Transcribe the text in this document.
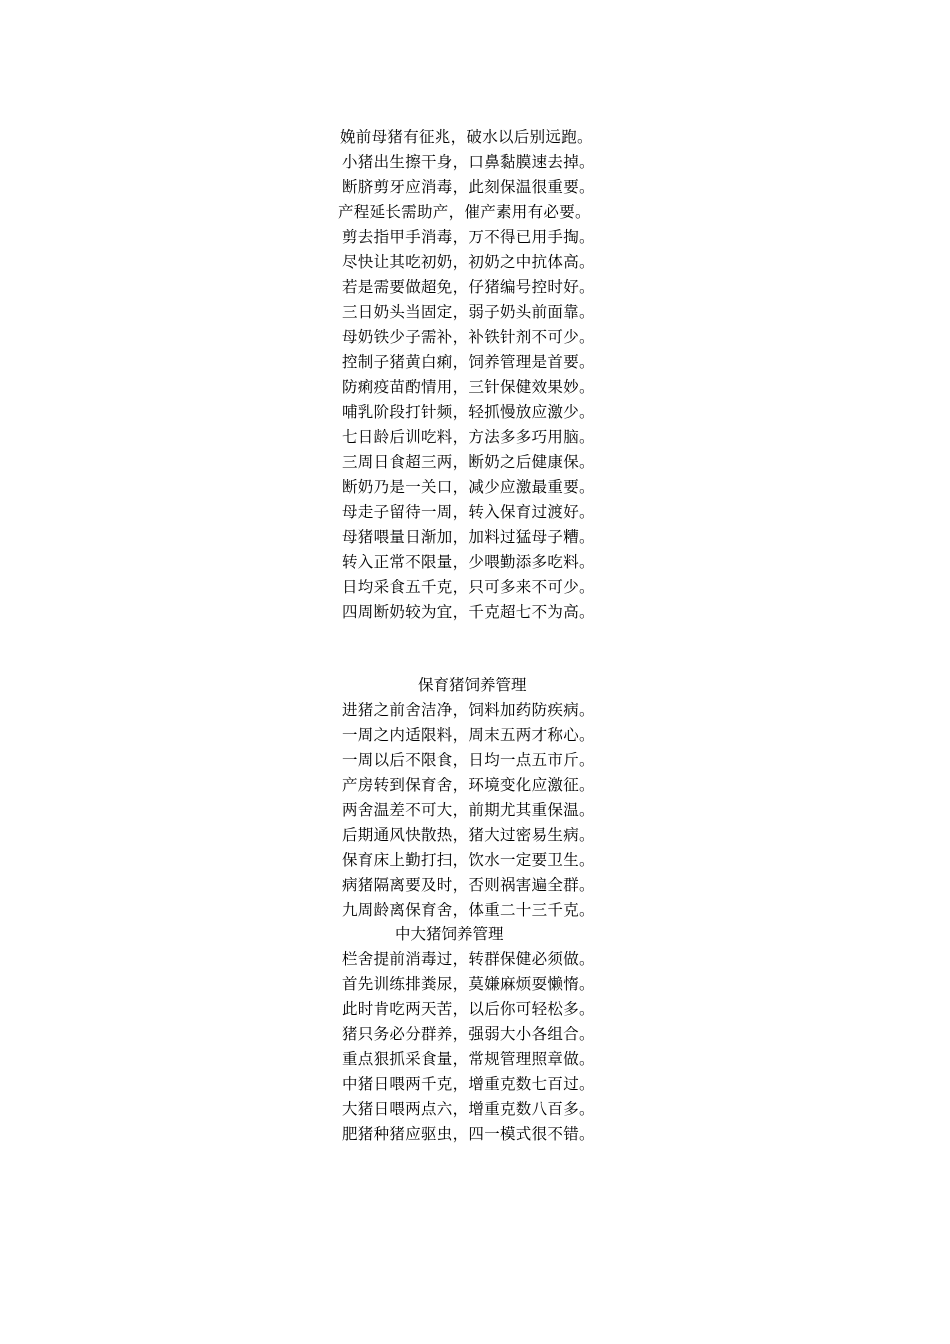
娩前母猪有征兆，破水以后别远跑。
小猪出生擦干身，口鼻黏膜速去掉。
断脐剪牙应消毒，此刻保温很重要。
产程延长需助产，催产素用有必要。
剪去指甲手消毒，万不得已用手掏。
尽快让其吃初奶，初奶之中抗体高。
若是需要做超免，仔猪编号控时好。
三日奶头当固定，弱子奶头前面靠。
母奶铁少子需补，补铁针剂不可少。
控制子猪黄白痢，饲养管理是首要。
防痢疫苗酌情用，三针保健效果妙。
哺乳阶段打针频，轻抓慢放应激少。
七日龄后训吃料，方法多多巧用脑。
三周日食超三两，断奶之后健康保。
断奶乃是一关口，减少应激最重要。
母走子留待一周，转入保育过渡好。
母猪喂量日渐加，加料过猛母子糟。
转入正常不限量，少喂勤添多吃料。
日均采食五千克，只可多来不可少。
四周断奶较为宜，千克超七不为高。
保育猪饲养管理
进猪之前舍洁净，饲料加药防疾病。
一周之内适限料，周末五两才称心。
一周以后不限食，日均一点五市斤。
产房转到保育舍，环境变化应激征。
两舍温差不可大，前期尤其重保温。
后期通风快散热，猪大过密易生病。
保育床上勤打扫，饮水一定要卫生。
病猪隔离要及时，否则祸害遍全群。
九周龄离保育舍，体重二十三千克。
中大猪饲养管理
栏舍提前消毒过，转群保健必须做。
首先训练排粪尿，莫嫌麻烦耍懒惰。
此时肯吃两天苦，以后你可轻松多。
猪只务必分群养，强弱大小各组合。
重点狠抓采食量，常规管理照章做。
中猪日喂两千克，增重克数七百过。
大猪日喂两点六，增重克数八百多。
肥猪种猪应驱虫，四一模式很不错。
